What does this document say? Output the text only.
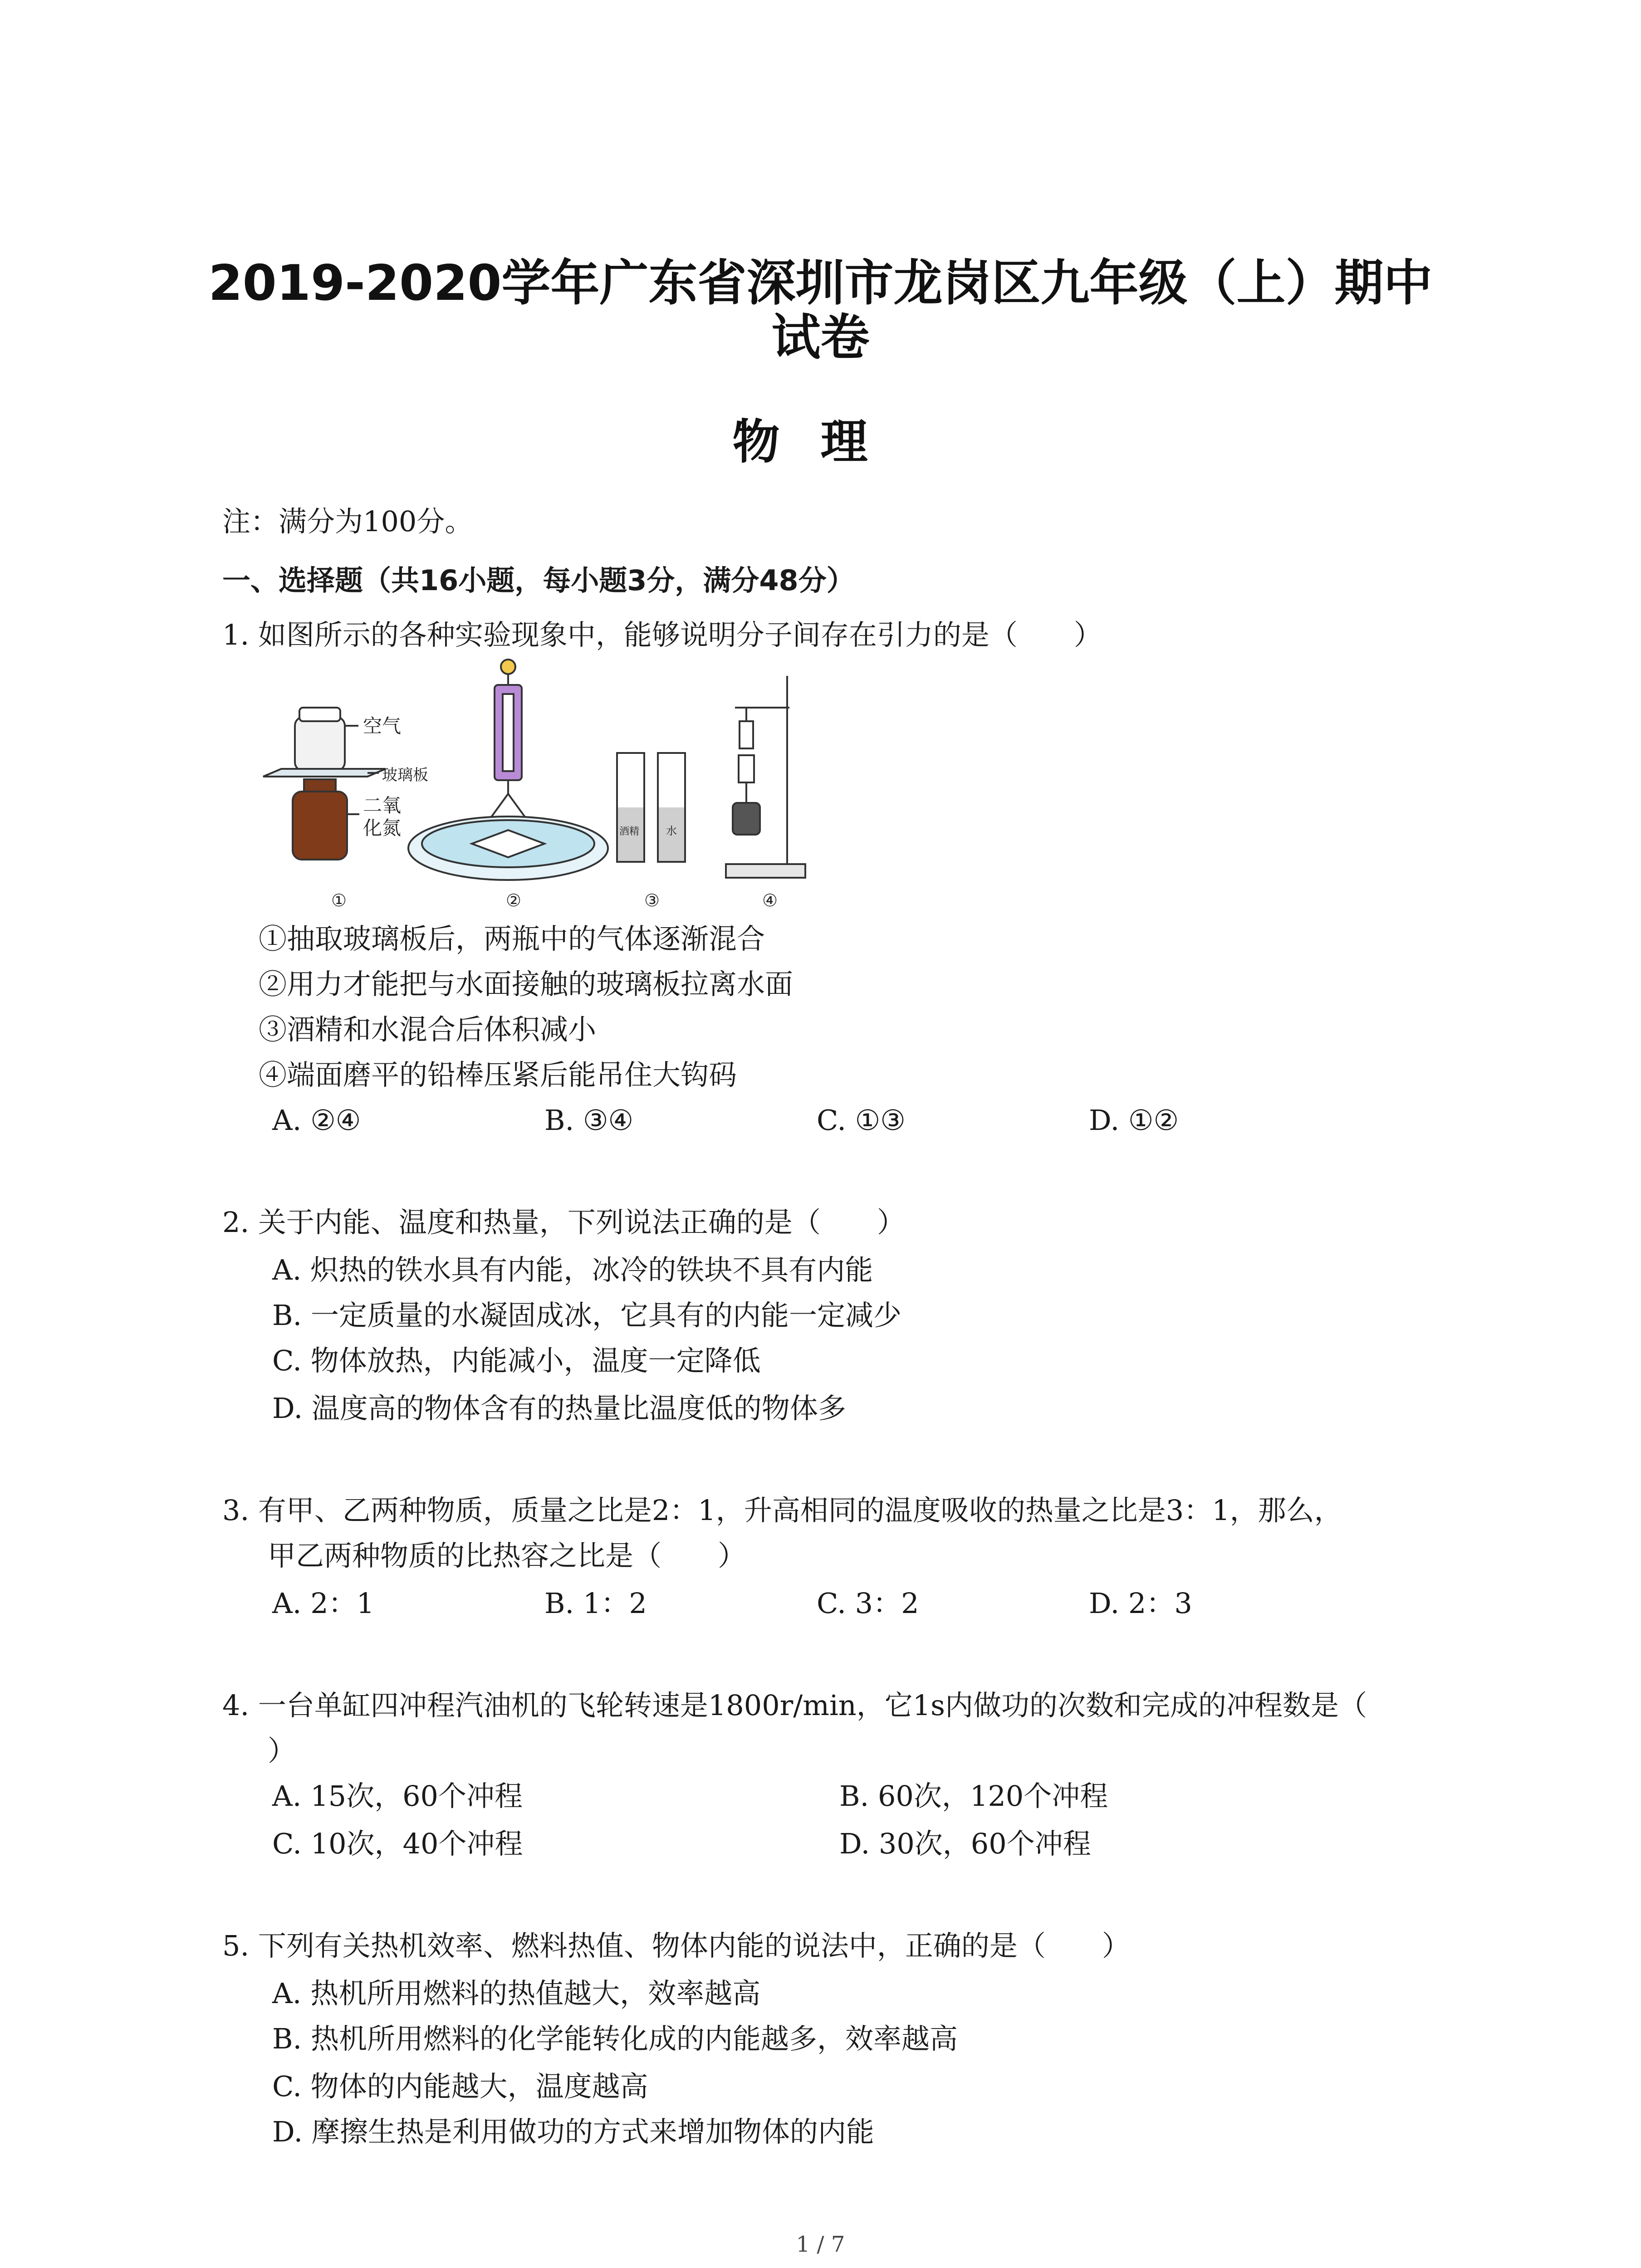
2019-2020学年广东省深圳市龙岗区九年级（上）期中
试卷
物理
注：满分为100分。
一、选择题（共16小题，每小题3分，满分48分）
1. 如图所示的各种实验现象中，能够说明分子间存在引力的是（　　）
空气
玻璃板
二氧
化氮	酒精 水
①	②	③	④
①抽取玻璃板后，两瓶中的气体逐渐混合
②用力才能把与水面接触的玻璃板拉离水面
③酒精和水混合后体积减小
④端面磨平的铅棒压紧后能吊住大钩码
A. ②④	B. ③④	C. ①③	D. ①②
2. 关于内能、温度和热量，下列说法正确的是（　　）
A. 炽热的铁水具有内能，冰冷的铁块不具有内能
B. 一定质量的水凝固成冰，它具有的内能一定减少
C. 物体放热，内能减小，温度一定降低
D. 温度高的物体含有的热量比温度低的物体多
3. 有甲、乙两种物质，质量之比是2：1，升高相同的温度吸收的热量之比是3：1，那么，
甲乙两种物质的比热容之比是（　　）
A. 2：1	B. 1：2	C. 3：2	D. 2：3
4. 一台单缸四冲程汽油机的飞轮转速是1800r/min，它1s内做功的次数和完成的冲程数是（
）
A. 15次，60个冲程	B. 60次，120个冲程
C. 10次，40个冲程	D. 30次，60个冲程
5. 下列有关热机效率、燃料热值、物体内能的说法中，正确的是（　　）
A. 热机所用燃料的热值越大，效率越高
B. 热机所用燃料的化学能转化成的内能越多，效率越高
C. 物体的内能越大，温度越高
D. 摩擦生热是利用做功的方式来增加物体的内能
1 / 7
